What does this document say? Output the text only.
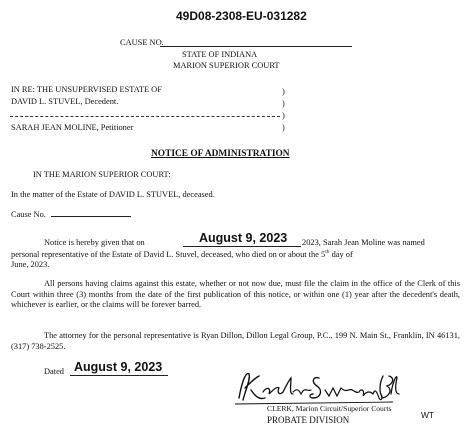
49D08-2308-EU-031282
CAUSE NO.
STATE OF INDIANA
MARION SUPERIOR COURT
IN RE: THE UNSUPERVISED ESTATE OF
DAVID L. STUVEL, Decedent.
)
)
)
)
SARAH JEAN MOLINE, Petitioner
NOTICE OF ADMINISTRATION
IN THE MARION SUPERIOR COURT:
In the matter of the Estate of DAVID L. STUVEL, deceased.
Cause No.
Notice is hereby given that on	August 9, 2023 2023, Sarah Jean Moline was named
personal representative of the Estate of David L. Stuvel, deceased, who died on or about the 5th day of
June, 2023.
All persons having claims against this estate, whether or not now due, must file the claim in the office of the Clerk of this Court within three (3) months from the date of the first publication of this notice, or within one (1) year after the decedent's death, whichever is earlier, or the claims will be forever barred.
The attorney for the personal representative is Ryan Dillon, Dillon Legal Group, P.C., 199 N. Main St., Franklin, IN 46131, (317) 738-2525.
Dated August 9, 2023
CLERK, Marion Circuit/Superior Courts
PROBATE DIVISION	WT
